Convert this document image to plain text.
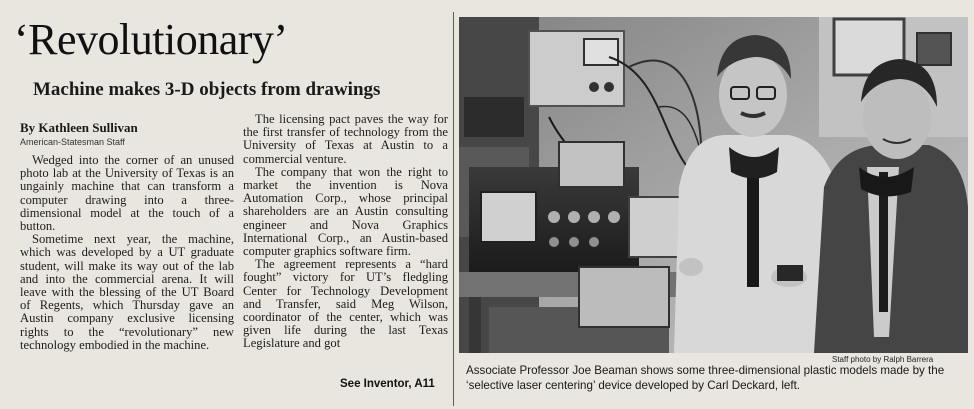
‘Revolutionary’
Machine makes 3-D objects from drawings
By Kathleen Sullivan
American-Statesman Staff

Wedged into the corner of an unused photo lab at the University of Texas is an ungainly machine that can transform a computer drawing into a three-dimensional model at the touch of a button.

Sometime next year, the machine, which was developed by a UT graduate student, will make its way out of the lab and into the commercial arena. It will leave with the blessing of the UT Board of Regents, which Thursday gave an Austin company exclusive licensing rights to the “revolutionary” new technology embodied in the machine.

The licensing pact paves the way for the first transfer of technology from the University of Texas at Austin to a commercial venture.

The company that won the right to market the invention is Nova Automation Corp., whose principal shareholders are an Austin consulting engineer and Nova Graphics International Corp., an Austin-based computer graphics software firm.

The agreement represents a “hard fought” victory for UT’s fledgling Center for Technology Development and Transfer, said Meg Wilson, coordinator of the center, which was given life during the last Texas Legislature and got

See Inventor, A11
Staff photo by Ralph Barrera
Associate Professor Joe Beaman shows some three-dimensional plastic models made by the ‘selective laser centering’ device developed by Carl Deckard, left.
